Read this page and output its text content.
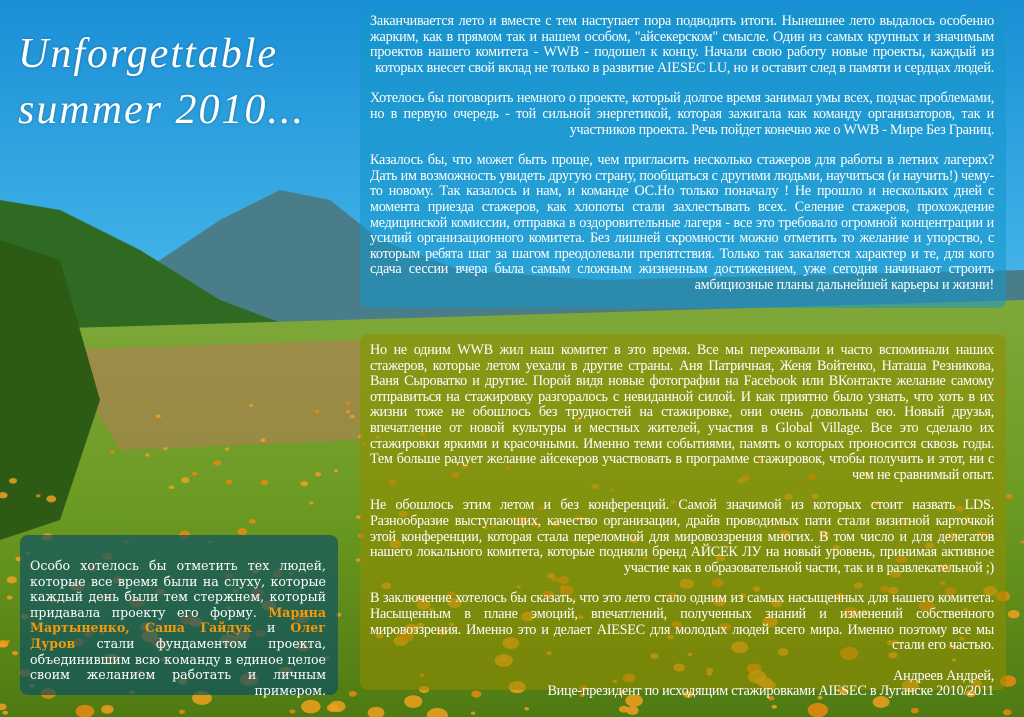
Unforgettable
summer 2010...

Заканчивается лето и вместе с тем наступает пора подводить итоги. Нынешнее лето выдалось особенно жарким, как в прямом так и нашем особом, "айсекерском" смысле. Один из самых крупных и значимым проектов нашего комитета - WWB - подошел к концу. Начали свою работу новые проекты, каждый из которых внесет свой вклад не только в развитие AIESEC LU, но и оставит след в памяти и сердцах людей.

Хотелось бы поговорить немного о проекте, который долгое время занимал умы всех, подчас проблемами, но в первую очередь - той сильной энергетикой, которая зажигала как команду организаторов, так и участников проекта. Речь пойдет конечно же о WWB - Мире Без Границ.

Казалось бы, что может быть проще, чем пригласить несколько стажеров для работы в летних лагерях? Дать им возможность увидеть другую страну, пообщаться с другими людьми, научиться (и научить!) чему-то новому. Так казалось и нам, и команде ОС.Но только поначалу ! Не прошло и нескольких дней с момента приезда стажеров, как хлопоты стали захлестывать всех. Селение стажеров, прохождение медицинской комиссии, отправка в оздоровительные лагеря - все это требовало огромной концентрации и усилий организационного комитета. Без лишней скромности можно отметить то желание и упорство, с которым ребята шаг за шагом преодолевали препятствия. Только так закаляется характер и те, для кого сдача сессии вчера была самым сложным жизненным достижением, уже сегодня начинают строить амбициозные планы дальнейшей карьеры и жизни!

Но не одним WWB жил наш комитет в это время. Все мы переживали и часто вспоминали наших стажеров, которые летом уехали в другие страны. Аня Патричная, Женя Войтенко, Наташа Резникова, Ваня Сыроватко и другие. Порой видя новые фотографии на Facebook или ВКонтакте желание самому отправиться на стажировку разгоралось с невиданной силой. И как приятно было узнать, что хоть в их жизни тоже не обошлось без трудностей на стажировке, они очень довольны ею. Новый друзья, впечатление от новой культуры и местных жителей, участия в Global Village. Все это сделало их стажировки яркими и красочными. Именно теми событиями, память о которых проносится сквозь годы. Тем больше радует желание айсекеров участвовать в программе стажировок, чтобы получить и этот, ни с чем не сравнимый опыт.

Не обошлось этим летом и без конференций. Самой значимой из которых стоит назвать LDS. Разнообразие выступающих, качество организации, драйв проводимых пати стали визитной карточкой этой конференции, которая стала переломной для мировоззрения многих. В том число и для делегатов нашего локального комитета, которые подняли бренд АЙСЕК ЛУ на новый уровень, принимая активное участие как в образовательной части, так и в развлекательной ;)

В заключение хотелось бы сказать, что это лето стало одним из самых насыщенных для нашего комитета. Насыщенным в плане эмоций, впечатлений, полученных знаний и изменений собственного мировоззрения. Именно это и делает AIESEC для молодых людей всего мира. Именно поэтому все мы стали его частью.

Андреев Андрей,
Вице-президент по исходящим стажировками AIESEC в Луганске 2010/2011

Особо хотелось бы отметить тех людей, которые все время были на слуху, которые каждый день были тем стержнем, который придавала проекту его форму. Марина Мартыненко, Саша Гайдук и Олег Дуров стали фундаментом проекта, объединившим всю команду в единое целое своим желанием работать и личным примером.
